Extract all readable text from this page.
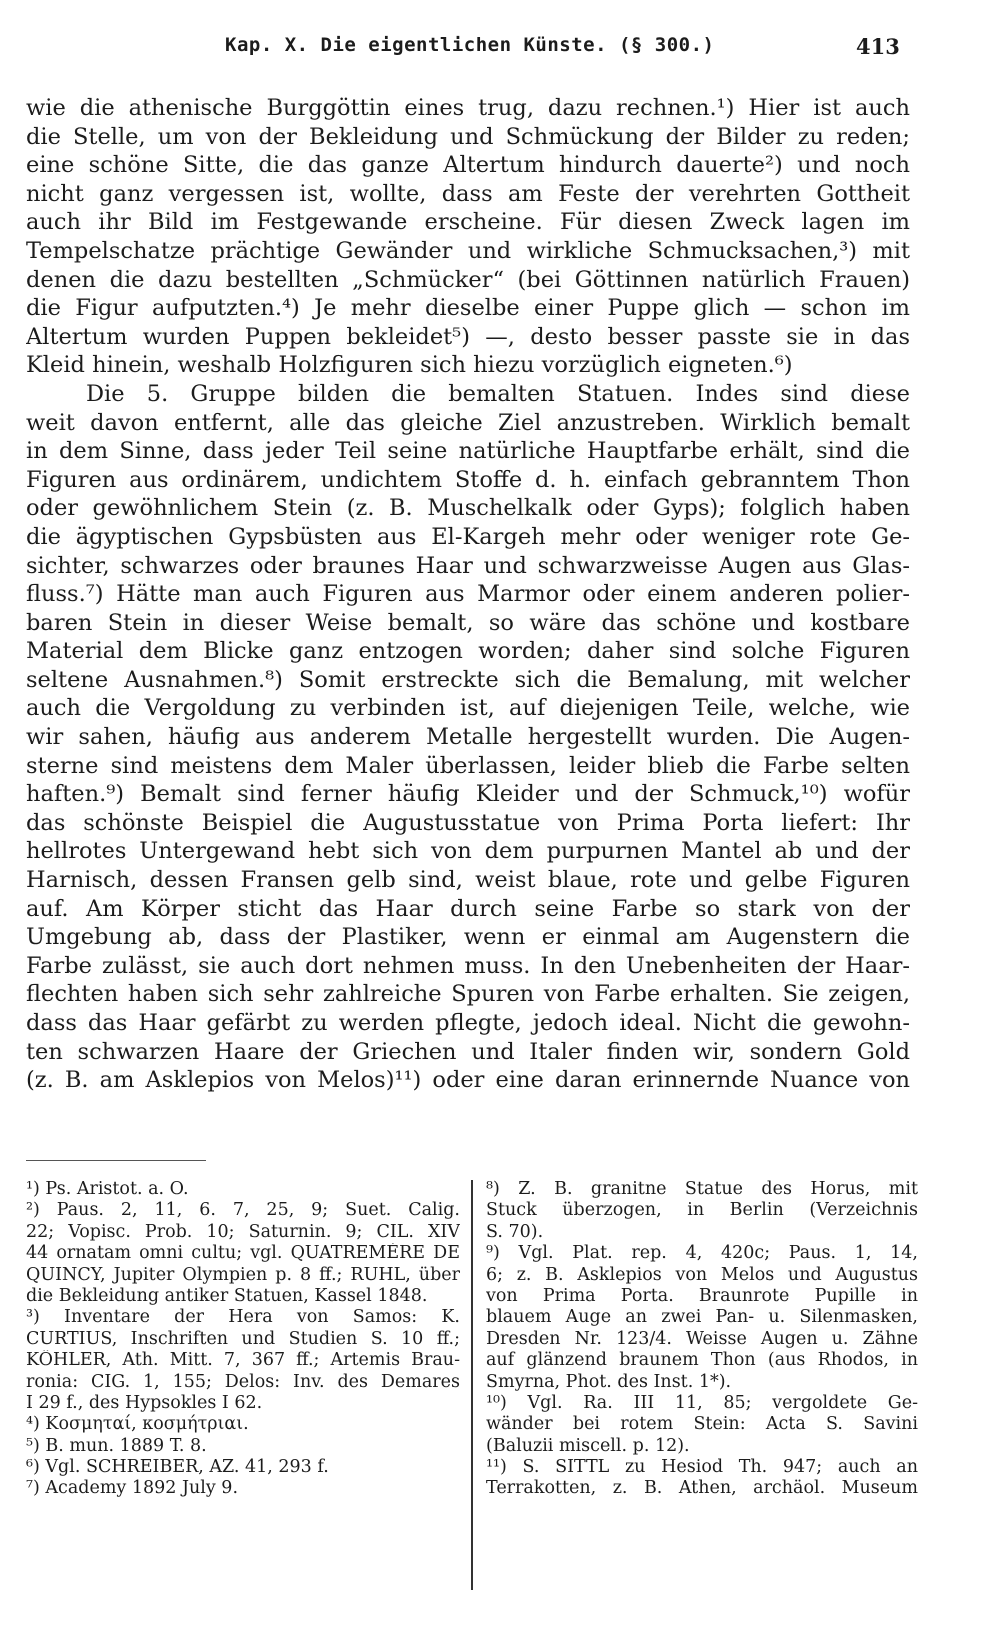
Kap. X. Die eigentlichen Künste. (§ 300.)	413
wie die athenische Burggöttin eines trug, dazu rechnen.¹) Hier ist auch
die Stelle, um von der Bekleidung und Schmückung der Bilder zu reden;
eine schöne Sitte, die das ganze Altertum hindurch dauerte²) und noch
nicht ganz vergessen ist, wollte, dass am Feste der verehrten Gottheit
auch ihr Bild im Festgewande erscheine. Für diesen Zweck lagen im
Tempelschatze prächtige Gewänder und wirkliche Schmucksachen,³) mit
denen die dazu bestellten „Schmücker“ (bei Göttinnen natürlich Frauen)
die Figur aufputzten.⁴) Je mehr dieselbe einer Puppe glich — schon im
Altertum wurden Puppen bekleidet⁵) —, desto besser passte sie in das
Kleid hinein, weshalb Holzfiguren sich hiezu vorzüglich eigneten.⁶)
Die 5. Gruppe bilden die bemalten Statuen. Indes sind diese
weit davon entfernt, alle das gleiche Ziel anzustreben. Wirklich bemalt
in dem Sinne, dass jeder Teil seine natürliche Hauptfarbe erhält, sind die
Figuren aus ordinärem, undichtem Stoffe d. h. einfach gebranntem Thon
oder gewöhnlichem Stein (z. B. Muschelkalk oder Gyps); folglich haben
die ägyptischen Gypsbüsten aus El-Kargeh mehr oder weniger rote Ge-
sichter, schwarzes oder braunes Haar und schwarzweisse Augen aus Glas-
fluss.⁷) Hätte man auch Figuren aus Marmor oder einem anderen polier-
baren Stein in dieser Weise bemalt, so wäre das schöne und kostbare
Material dem Blicke ganz entzogen worden; daher sind solche Figuren
seltene Ausnahmen.⁸) Somit erstreckte sich die Bemalung, mit welcher
auch die Vergoldung zu verbinden ist, auf diejenigen Teile, welche, wie
wir sahen, häufig aus anderem Metalle hergestellt wurden. Die Augen-
sterne sind meistens dem Maler überlassen, leider blieb die Farbe selten
haften.⁹) Bemalt sind ferner häufig Kleider und der Schmuck,¹⁰) wofür
das schönste Beispiel die Augustusstatue von Prima Porta liefert: Ihr
hellrotes Untergewand hebt sich von dem purpurnen Mantel ab und der
Harnisch, dessen Fransen gelb sind, weist blaue, rote und gelbe Figuren
auf. Am Körper sticht das Haar durch seine Farbe so stark von der
Umgebung ab, dass der Plastiker, wenn er einmal am Augenstern die
Farbe zulässt, sie auch dort nehmen muss. In den Unebenheiten der Haar-
flechten haben sich sehr zahlreiche Spuren von Farbe erhalten. Sie zeigen,
dass das Haar gefärbt zu werden pflegte, jedoch ideal. Nicht die gewohn-
ten schwarzen Haare der Griechen und Italer finden wir, sondern Gold
(z. B. am Asklepios von Melos)¹¹) oder eine daran erinnernde Nuance von
¹) Ps. Aristot. a. O.
²) Paus. 2, 11, 6. 7, 25, 9; Suet. Calig.
22; Vopisc. Prob. 10; Saturnin. 9; CIL. XIV
44 ornatam omni cultu; vgl. QUATREMÈRE DE
QUINCY, Jupiter Olympien p. 8 ff.; RUHL, über
die Bekleidung antiker Statuen, Kassel 1848.
³) Inventare der Hera von Samos: K.
CURTIUS, Inschriften und Studien S. 10 ff.;
KÖHLER, Ath. Mitt. 7, 367 ff.; Artemis Brau-
ronia: CIG. 1, 155; Delos: Inv. des Demares
I 29 f., des Hypsokles I 62.
⁴) Κοσμηταί, κοσμήτριαι.
⁵) B. mun. 1889 T. 8.
⁶) Vgl. SCHREIBER, AZ. 41, 293 f.
⁷) Academy 1892 July 9.
⁸) Z. B. granitne Statue des Horus, mit
Stuck überzogen, in Berlin (Verzeichnis
S. 70).
⁹) Vgl. Plat. rep. 4, 420c; Paus. 1, 14,
6; z. B. Asklepios von Melos und Augustus
von Prima Porta. Braunrote Pupille in
blauem Auge an zwei Pan- u. Silenmasken,
Dresden Nr. 123/4. Weisse Augen u. Zähne
auf glänzend braunem Thon (aus Rhodos, in
Smyrna, Phot. des Inst. 1*).
¹⁰) Vgl. Ra. III 11, 85; vergoldete Ge-
wänder bei rotem Stein: Acta S. Savini
(Baluzii miscell. p. 12).
¹¹) S. SITTL zu Hesiod Th. 947; auch an
Terrakotten, z. B. Athen, archäol. Museum
